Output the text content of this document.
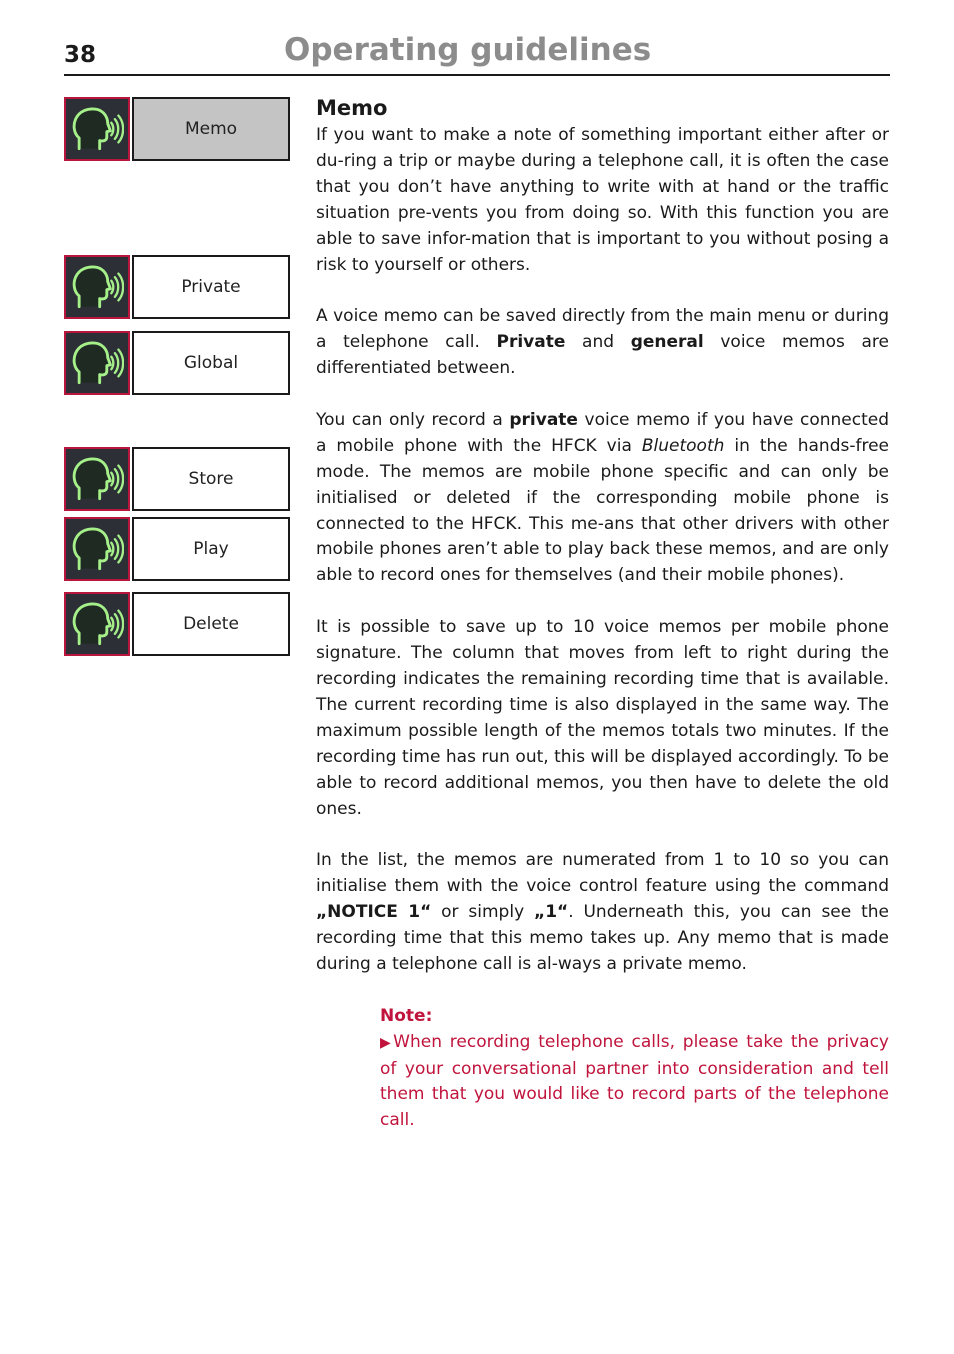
38	Operating guidelines
Memo
Private
Global
Store
Play
Delete
Memo

If you want to make a note of something important either after or du-ring a trip or maybe during a telephone call, it is often the case that you don’t have anything to write with at hand or the traffic situation pre-vents you from doing so. With this function you are able to save infor-mation that is important to you without posing a risk to yourself or others.

A voice memo can be saved directly from the main menu or during a telephone call. Private and general voice memos are differentiated between.

You can only record a private voice memo if you have connected a mobile phone with the HFCK via Bluetooth in the hands-free mode. The memos are mobile phone specific and can only be initialised or deleted if the corresponding mobile phone is connected to the HFCK. This me-ans that other drivers with other mobile phones aren’t able to play back these memos, and are only able to record ones for themselves (and their mobile phones).

It is possible to save up to 10 voice memos per mobile phone signature. The column that moves from left to right during the recording indicates the remaining recording time that is available. The current recording time is also displayed in the same way. The maximum possible length of the memos totals two minutes. If the recording time has run out, this will be displayed accordingly. To be able to record additional memos, you then have to delete the old ones.

In the list, the memos are numerated from 1 to 10 so you can initialise them with the voice control feature using the command „NOTICE 1“ or simply „1“. Underneath this, you can see the recording time that this memo takes up. Any memo that is made during a telephone call is al-ways a private memo.

Note:
▶When recording telephone calls, please take the privacy of your conversational partner into consideration and tell them that you would like to record parts of the telephone call.
